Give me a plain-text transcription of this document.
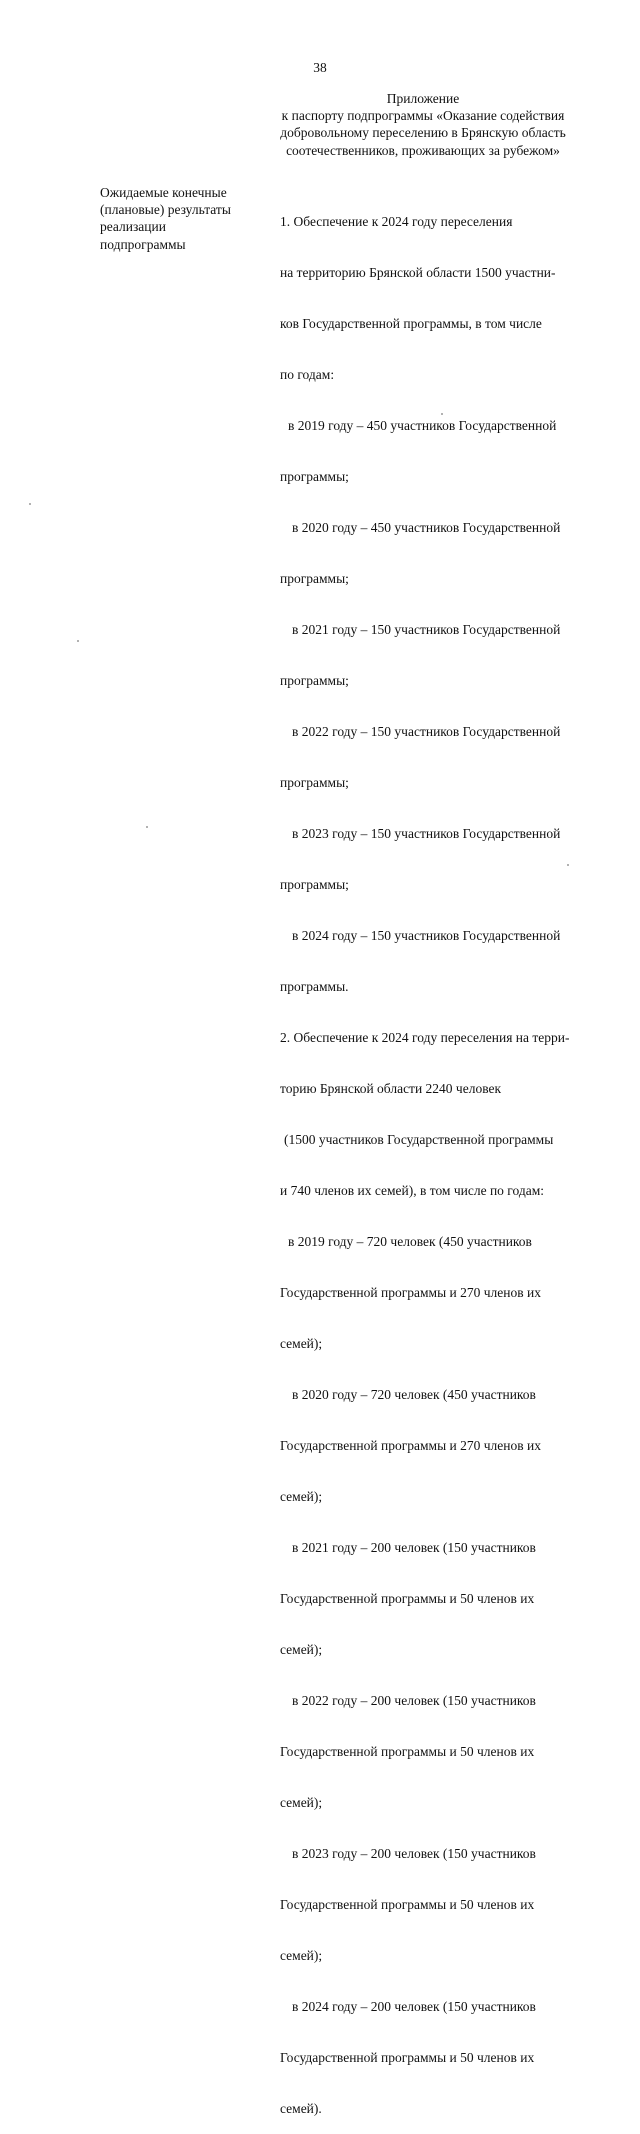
38
Приложение
к паспорту подпрограммы «Оказание содействия
добровольному переселению в Брянскую область
соотечественников, проживающих за рубежом»
Ожидаемые конечные
(плановые) результаты
реализации
подпрограммы

1. Обеспечение к 2024 году переселения

на территорию Брянской области 1500 участни-

ков Государственной программы, в том числе

по годам:

в 2019 году – 450 участников Государственной

программы;

в 2020 году – 450 участников Государственной

программы;

в 2021 году – 150 участников Государственной

программы;

в 2022 году – 150 участников Государственной

программы;

в 2023 году – 150 участников Государственной

программы;

в 2024 году – 150 участников Государственной

программы.

2. Обеспечение к 2024 году переселения на терри-

торию Брянской области 2240 человек

(1500 участников Государственной программы

и 740 членов их семей), в том числе по годам:

в 2019 году – 720 человек (450 участников

Государственной программы и 270 членов их

семей);

в 2020 году – 720 человек (450 участников

Государственной программы и 270 членов их

семей);

в 2021 году – 200 человек (150 участников

Государственной программы и 50 членов их

семей);

в 2022 году – 200 человек (150 участников

Государственной программы и 50 членов их

семей);

в 2023 году – 200 человек (150 участников

Государственной программы и 50 членов их

семей);

в 2024 году – 200 человек (150 участников

Государственной программы и 50 членов их

семей).
